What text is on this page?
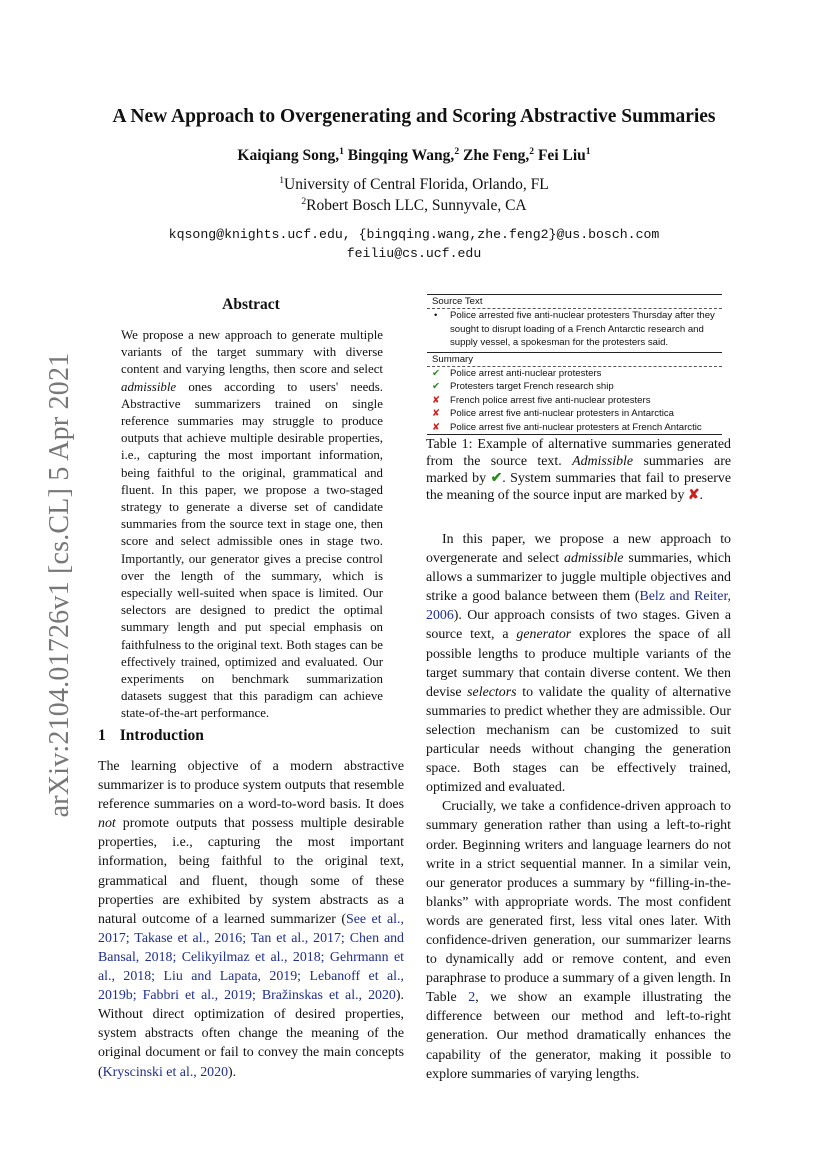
A New Approach to Overgenerating and Scoring Abstractive Summaries
Kaiqiang Song,$^1$ Bingqing Wang,$^2$ Zhe Feng,$^2$ Fei Liu$^1$
$^1$University of Central Florida, Orlando, FL
$^2$Robert Bosch LLC, Sunnyvale, CA
kqsong@knights.ucf.edu, {bingqing.wang,zhe.feng2}@us.bosch.com
feiliu@cs.ucf.edu
arXiv:2104.01726v1 [cs.CL] 5 Apr 2021
Abstract

We propose a new approach to generate multiple variants of the target summary with diverse content and varying lengths, then score and select admissible ones according to users' needs. Abstractive summarizers trained on single reference summaries may struggle to produce outputs that achieve multiple desirable properties, i.e., capturing the most important information, being faithful to the original, grammatical and fluent. In this paper, we propose a two-staged strategy to generate a diverse set of candidate summaries from the source text in stage one, then score and select admissible ones in stage two. Importantly, our generator gives a precise control over the length of the summary, which is especially well-suited when space is limited. Our selectors are designed to predict the optimal summary length and put special emphasis on faithfulness to the original text. Both stages can be effectively trained, optimized and evaluated. Our experiments on benchmark summarization datasets suggest that this paradigm can achieve state-of-the-art performance.

1 Introduction

The learning objective of a modern abstractive summarizer is to produce system outputs that resemble reference summaries on a word-to-word basis. It does not promote outputs that possess multiple desirable properties, i.e., capturing the most important information, being faithful to the original text, grammatical and fluent, though some of these properties are exhibited by system abstracts as a natural outcome of a learned summarizer (See et al., 2017; Takase et al., 2016; Tan et al., 2017; Chen and Bansal, 2018; Celikyilmaz et al., 2018; Gehrmann et al., 2018; Liu and Lapata, 2019; Lebanoff et al., 2019b; Fabbri et al., 2019; Bražinskas et al., 2020). Without direct optimization of desired properties, system abstracts often change the meaning of the original document or fail to convey the main concepts (Kryscinski et al., 2020).

Source Text
•	Police arrested five anti-nuclear protesters Thursday after they sought to disrupt loading of a French Antarctic research and supply vessel, a spokesman for the protesters said.
Summary
✔	Police arrest anti-nuclear protesters
✔	Protesters target French research ship
✘	French police arrest five anti-nuclear protesters
✘	Police arrest five anti-nuclear protesters in Antarctica
✘	Police arrest five anti-nuclear protesters at French Antarctic
Table 1: Example of alternative summaries generated from the source text. Admissible summaries are marked by ✔. System summaries that fail to preserve the meaning of the source input are marked by ✘.

In this paper, we propose a new approach to overgenerate and select admissible summaries, which allows a summarizer to juggle multiple objectives and strike a good balance between them (Belz and Reiter, 2006). Our approach consists of two stages. Given a source text, a generator explores the space of all possible lengths to produce multiple variants of the target summary that contain diverse content. We then devise selectors to validate the quality of alternative summaries to predict whether they are admissible. Our selection mechanism can be customized to suit particular needs without changing the generation space. Both stages can be effectively trained, optimized and evaluated.

Crucially, we take a confidence-driven approach to summary generation rather than using a left-to-right order. Beginning writers and language learners do not write in a strict sequential manner. In a similar vein, our generator produces a summary by “filling-in-the-blanks” with appropriate words. The most confident words are generated first, less vital ones later. With confidence-driven generation, our summarizer learns to dynamically add or remove content, and even paraphrase to produce a summary of a given length. In Table 2, we show an example illustrating the difference between our method and left-to-right generation. Our method dramatically enhances the capability of the generator, making it possible to explore summaries of varying lengths.
